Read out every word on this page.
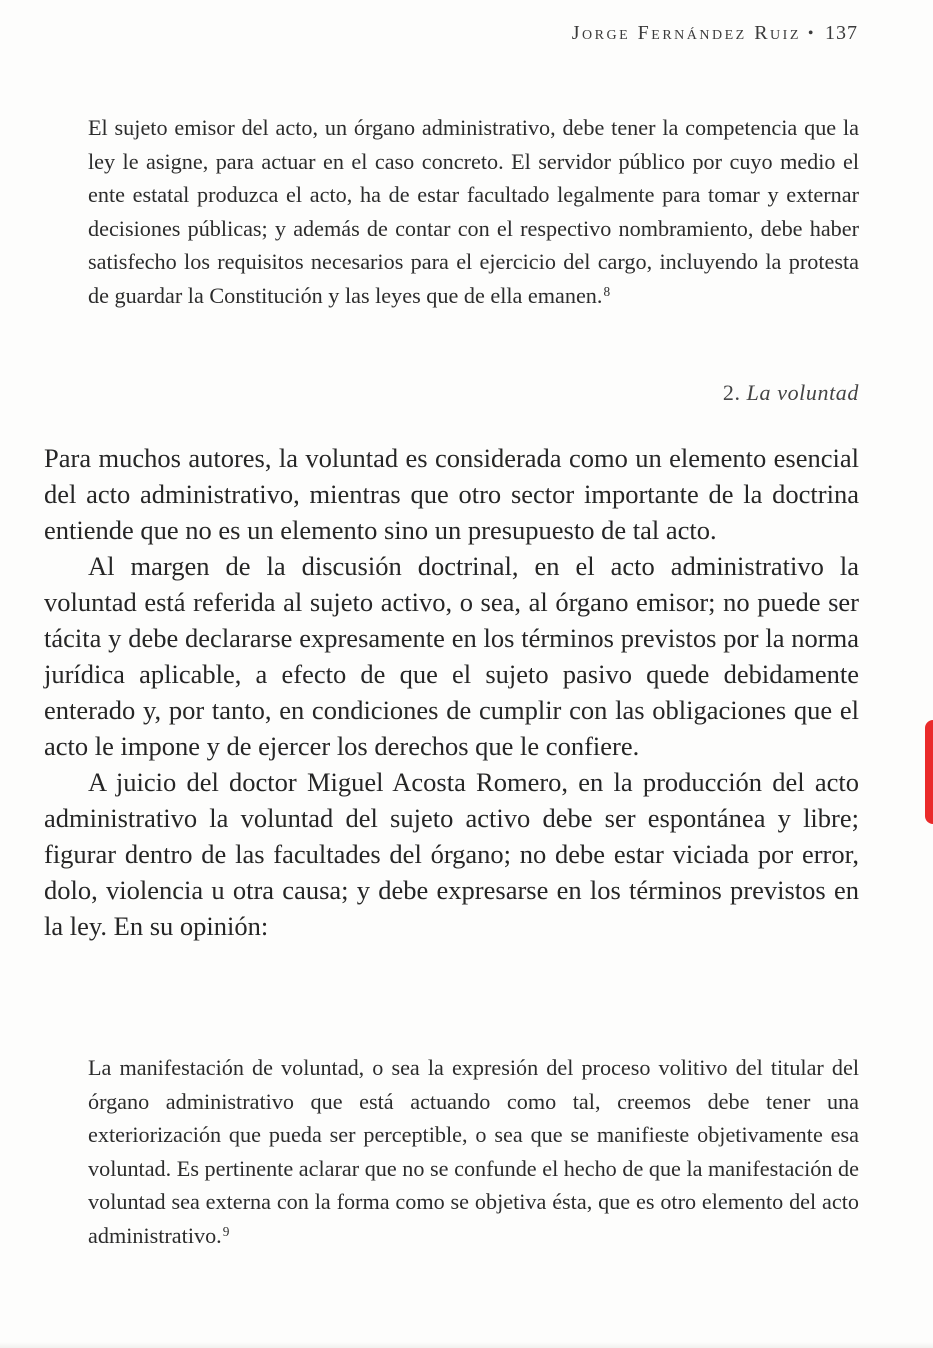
Jorge Fernández Ruiz • 137
El sujeto emisor del acto, un órgano administrativo, debe tener la competencia que la ley le asigne, para actuar en el caso concreto. El servidor público por cuyo medio el ente estatal produzca el acto, ha de estar facultado legalmente para tomar y externar decisiones públicas; y además de contar con el respectivo nombramiento, debe haber satisfecho los requisitos necesarios para el ejercicio del cargo, incluyendo la protesta de guardar la Constitución y las leyes que de ella emanen.$^8$
2. La voluntad

Para muchos autores, la voluntad es considerada como un elemento esencial del acto administrativo, mientras que otro sector importante de la doctrina entiende que no es un elemento sino un presupuesto de tal acto.

Al margen de la discusión doctrinal, en el acto administrativo la voluntad está referida al sujeto activo, o sea, al órgano emisor; no puede ser tácita y debe declararse expresamente en los términos previstos por la norma jurídica aplicable, a efecto de que el sujeto pasivo quede debidamente enterado y, por tanto, en condiciones de cumplir con las obligaciones que el acto le impone y de ejercer los derechos que le confiere.

A juicio del doctor Miguel Acosta Romero, en la producción del acto administrativo la voluntad del sujeto activo debe ser espontánea y libre; figurar dentro de las facultades del órgano; no debe estar viciada por error, dolo, violencia u otra causa; y debe expresarse en los términos previstos en la ley. En su opinión:

La manifestación de voluntad, o sea la expresión del proceso volitivo del titular del órgano administrativo que está actuando como tal, creemos debe tener una exteriorización que pueda ser perceptible, o sea que se manifieste objetivamente esa voluntad. Es pertinente aclarar que no se confunde el hecho de que la manifestación de voluntad sea externa con la forma como se objetiva ésta, que es otro elemento del acto administrativo.$^9$
